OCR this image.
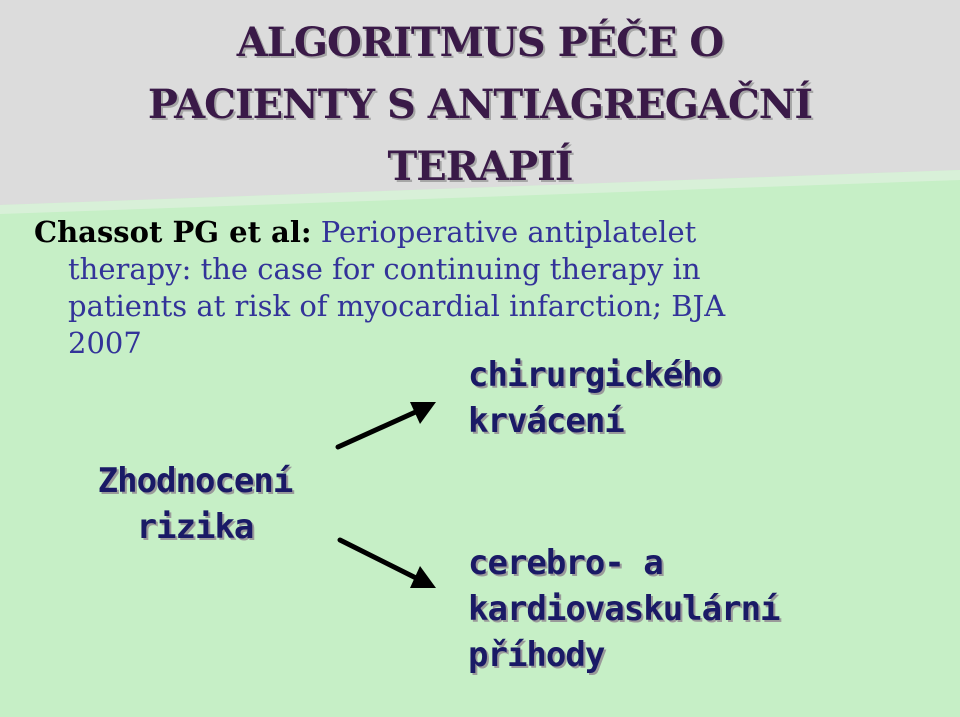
ALGORITMUS PÉČE O
PACIENTY S ANTIAGREGAČNÍ
TERAPIÍ
Chassot PG et al: Perioperative antiplatelet
therapy: the case for continuing therapy in
patients at risk of myocardial infarction; BJA
2007
chirurgického
krvácení
Zhodnocení
rizika
cerebro- a
kardiovaskulární
příhody
